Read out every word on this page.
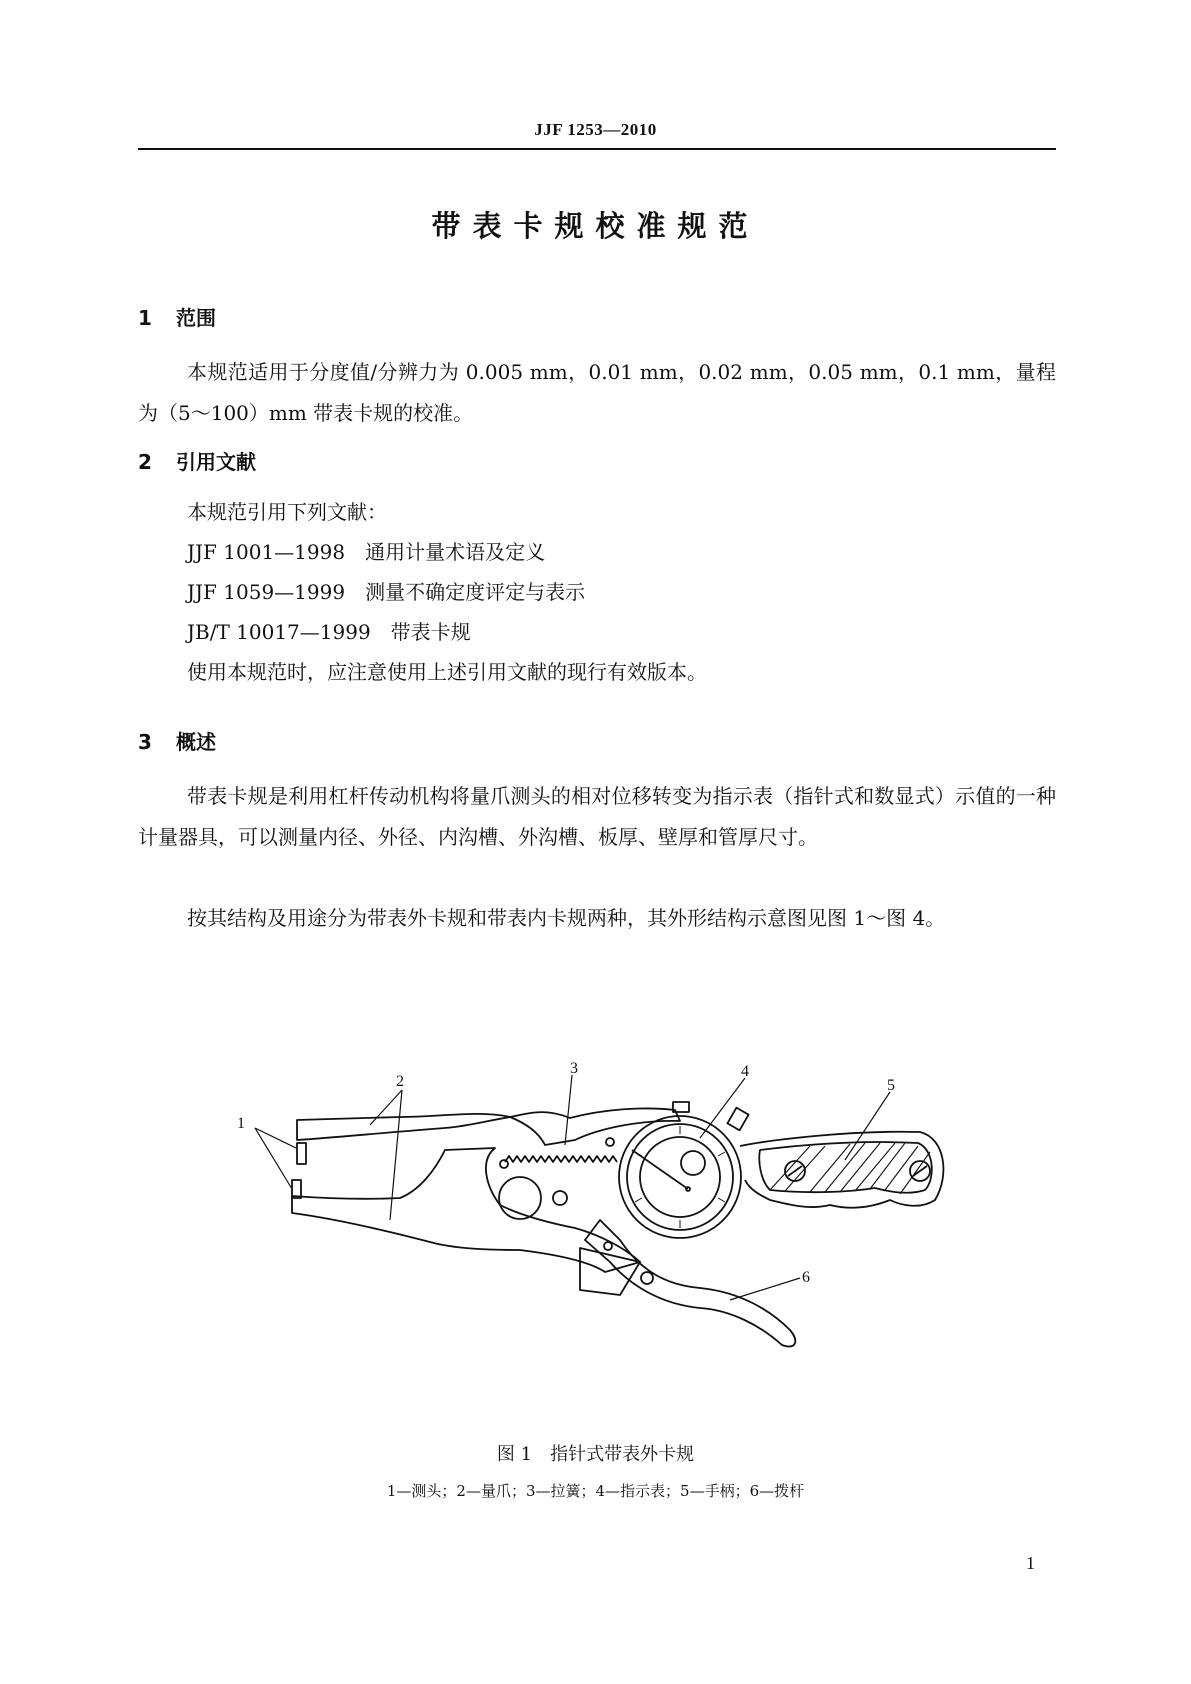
JJF 1253—2010
带表卡规校准规范
1 范围
本规范适用于分度值/分辨力为 0.005 mm，0.01 mm，0.02 mm，0.05 mm，0.1 mm，量程为（5～100）mm 带表卡规的校准。
2 引用文献
本规范引用下列文献：
JJF 1001—1998　通用计量术语及定义
JJF 1059—1999　测量不确定度评定与表示
JB/T 10017—1999　带表卡规
使用本规范时，应注意使用上述引用文献的现行有效版本。
3 概述
带表卡规是利用杠杆传动机构将量爪测头的相对位移转变为指示表（指针式和数显式）示值的一种计量器具，可以测量内径、外径、内沟槽、外沟槽、板厚、壁厚和管厚尺寸。
按其结构及用途分为带表外卡规和带表内卡规两种，其外形结构示意图见图 1～图 4。
1
2
3	4
5
6
图 1　指针式带表外卡规
1—测头；2—量爪；3—拉簧；4—指示表；5—手柄；6—拨杆
1
